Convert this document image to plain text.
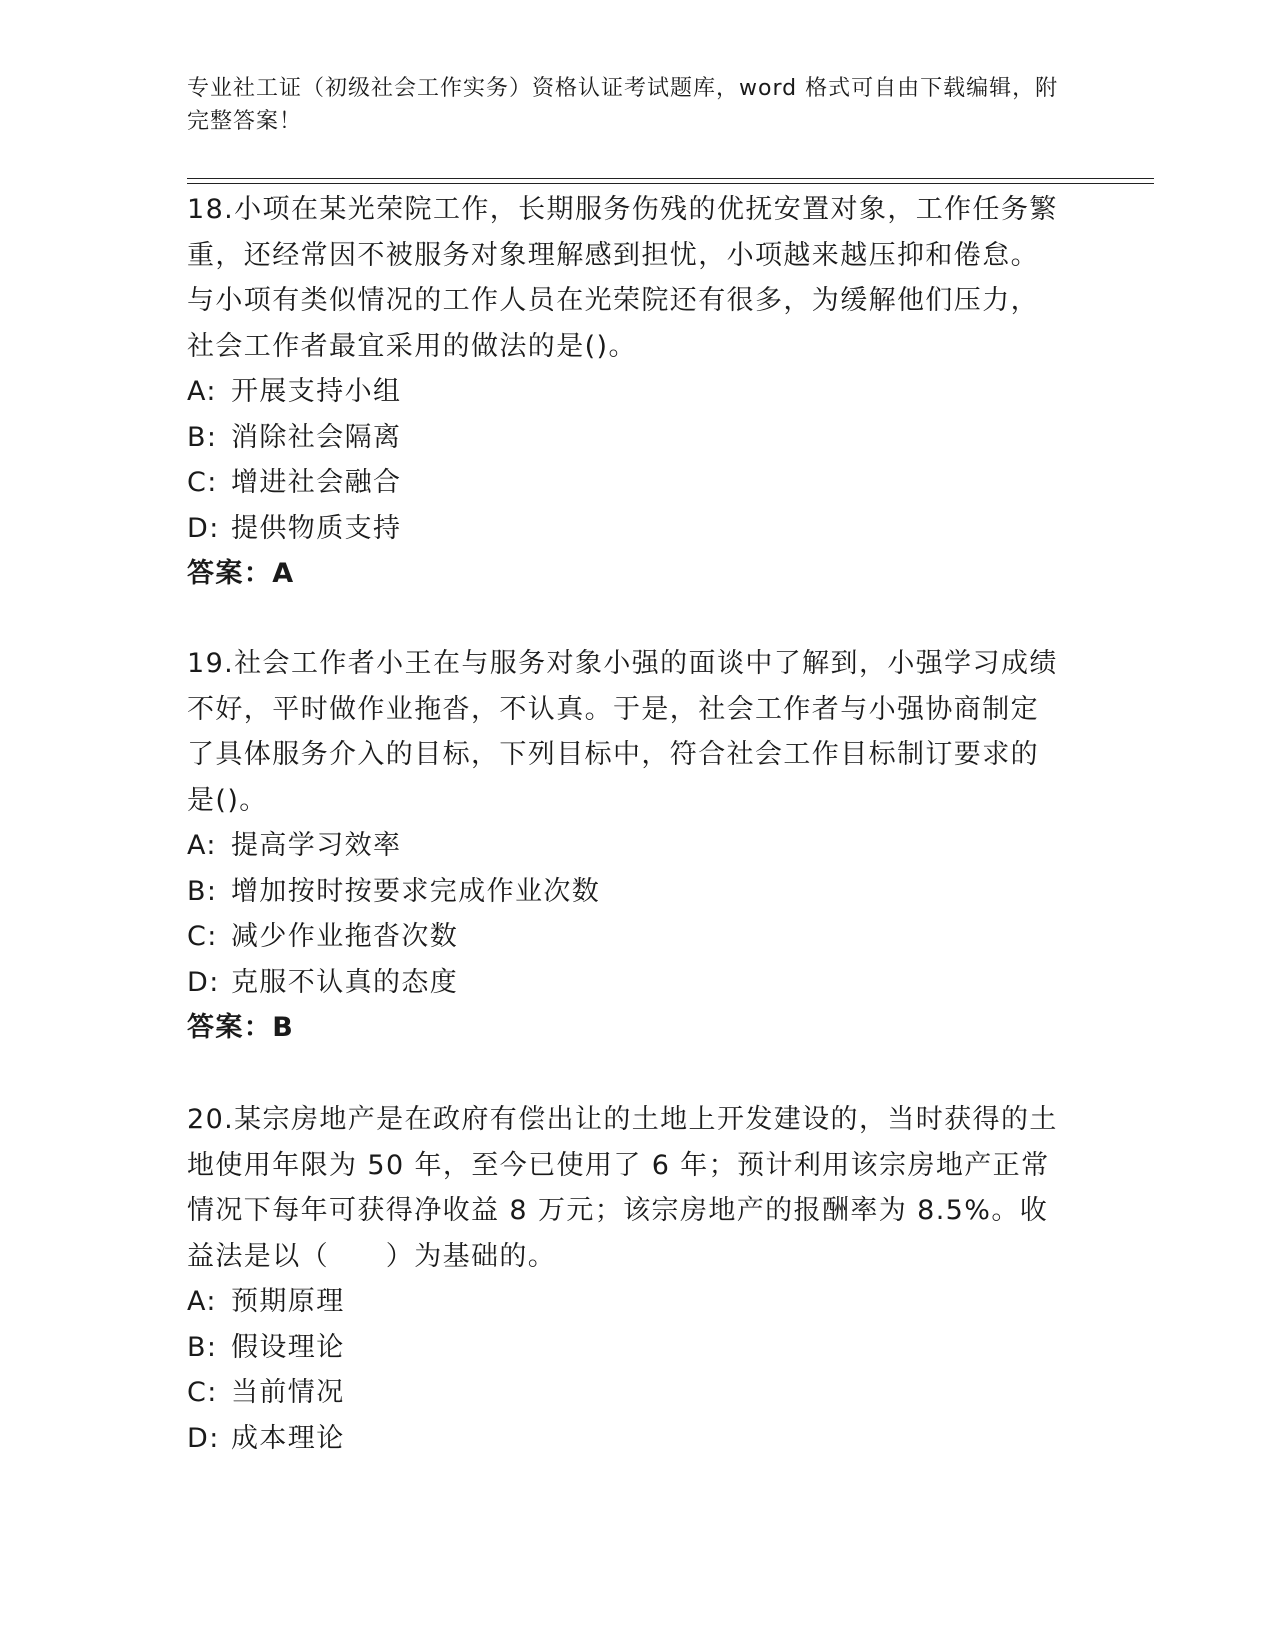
专业社工证（初级社会工作实务）资格认证考试题库，word 格式可自由下载编辑，附完整答案！
18.小项在某光荣院工作，长期服务伤残的优抚安置对象，工作任务繁重，还经常因不被服务对象理解感到担忧，小项越来越压抑和倦怠。与小项有类似情况的工作人员在光荣院还有很多，为缓解他们压力，社会工作者最宜采用的做法的是()。
A: 开展支持小组
B: 消除社会隔离
C: 增进社会融合
D: 提供物质支持
答案：A
19.社会工作者小王在与服务对象小强的面谈中了解到，小强学习成绩不好，平时做作业拖沓，不认真。于是，社会工作者与小强协商制定了具体服务介入的目标，下列目标中，符合社会工作目标制订要求的是()。
A: 提高学习效率
B: 增加按时按要求完成作业次数
C: 减少作业拖沓次数
D: 克服不认真的态度
答案：B
20.某宗房地产是在政府有偿出让的土地上开发建设的，当时获得的土地使用年限为 50 年，至今已使用了 6 年；预计利用该宗房地产正常情况下每年可获得净收益 8 万元；该宗房地产的报酬率为 8.5%。收益法是以（　　）为基础的。
A: 预期原理
B: 假设理论
C: 当前情况
D: 成本理论
